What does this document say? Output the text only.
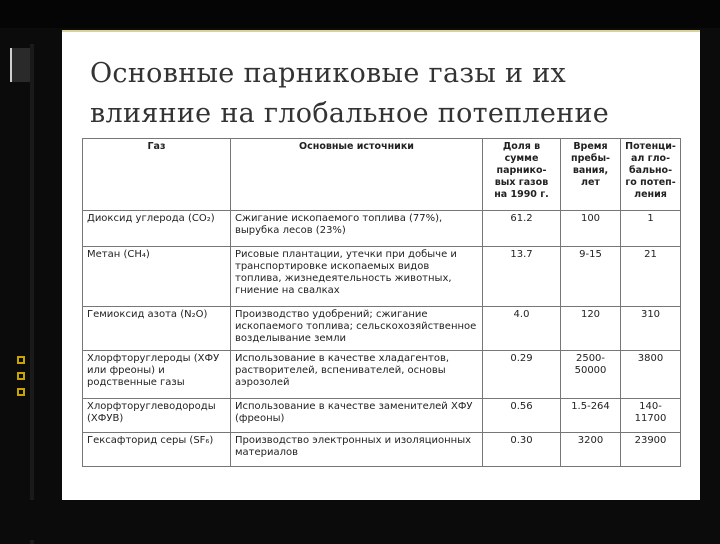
Основные парниковые газы и их
влияние на глобальное потепление
Газ	Основные источники	Доля в сумме парнико-вых газов на 1990 г.	Время пребы-вания, лет	Потенци-ал гло-бально-го потеп-ления
Диоксид углерода (CO₂)	Сжигание ископаемого топлива (77%), вырубка лесов (23%)	61.2	100	1
Метан (CH₄)	Рисовые плантации, утечки при добыче и транспортировке ископаемых видов топлива, жизнедеятельность животных, гниение на свалках	13.7	9-15	21
Гемиоксид азота (N₂O)	Производство удобрений; сжигание ископаемого топлива; сельскохозяйственное возделывание земли	4.0	120	310
Хлорфторуглероды (ХФУ или фреоны) и родственные газы	Использование в качестве хладагентов, растворителей, вспенивателей, основы аэрозолей	0.29	2500-50000	3800
Хлорфторуглеводороды (ХФУВ)	Использование в качестве заменителей ХФУ (фреоны)	0.56	1.5-264	140-11700
Гексафторид серы (SF₆)	Производство электронных и изоляционных материалов	0.30	3200	23900
